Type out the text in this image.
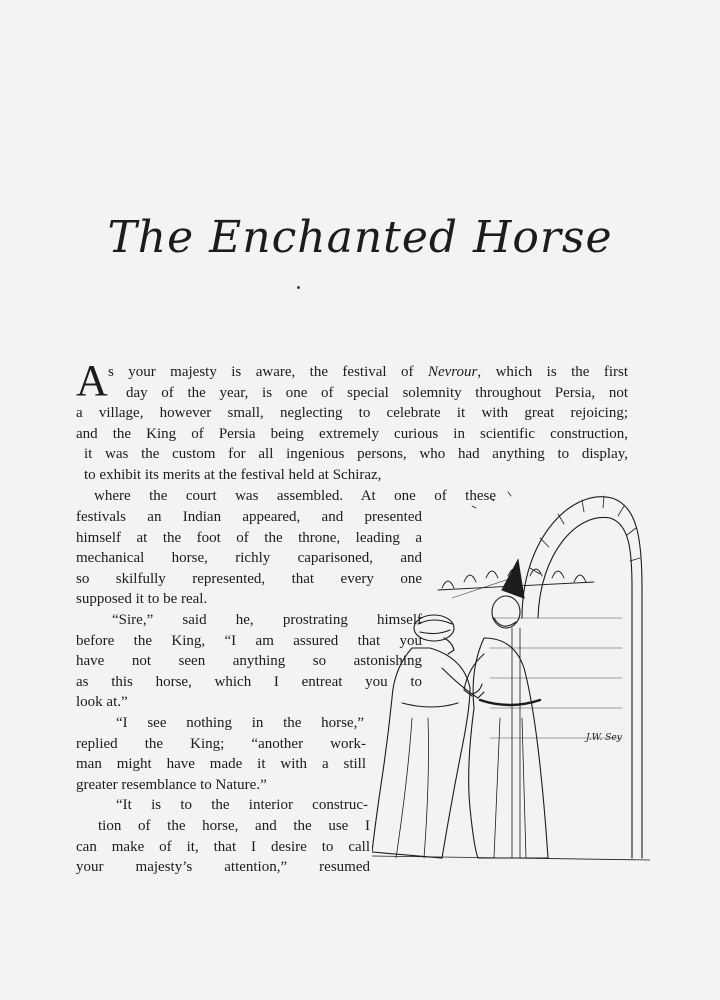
The Enchanted Horse
A s your majesty is aware, the festival of Nevrour, which is the first
day of the year, is one of special solemnity throughout Persia, not
a village, however small, neglecting to celebrate it with great rejoicing;
and the King of Persia being extremely curious in scientific construction,
it was the custom for all ingenious persons, who had anything to display,
to exhibit its merits at the festival held at Schiraz,
where the court was assembled. At one of these
festivals an Indian appeared, and presented
himself at the foot of the throne, leading a
mechanical horse, richly caparisoned, and
so skilfully represented, that every one
supposed it to be real.
“Sire,” said he, prostrating himself
before the King, “I am assured that you
have not seen anything so astonishing
as this horse, which I entreat you to
look at.”
“I see nothing in the horse,”
replied the King; “another work-
man might have made it with a still
greater resemblance to Nature.”
“It is to the interior construc-
tion of the horse, and the use I
can make of it, that I desire to call
your majesty’s attention,” resumed
J.W. Sey
